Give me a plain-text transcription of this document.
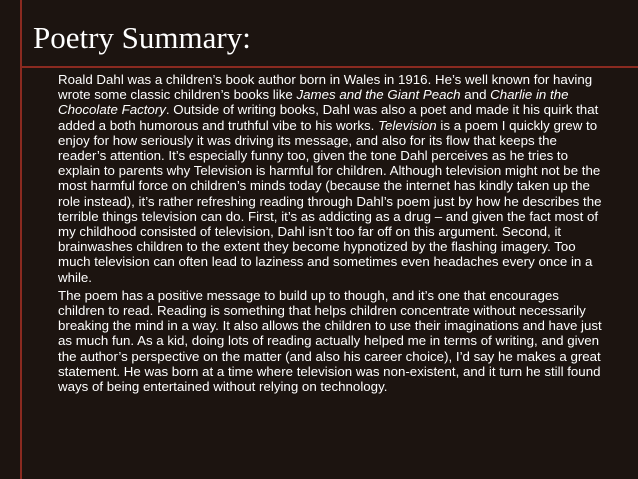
Poetry Summary:

Roald Dahl was a children’s book author born in Wales in 1916. He’s well known for having wrote some classic children’s books like James and the Giant Peach and Charlie in the Chocolate Factory. Outside of writing books, Dahl was also a poet and made it his quirk that added a both humorous and truthful vibe to his works. Television is a poem I quickly grew to enjoy for how seriously it was driving its message, and also for its flow that keeps the reader’s attention. It’s especially funny too, given the tone Dahl perceives as he tries to explain to parents why Television is harmful for children. Although television might not be the most harmful force on children’s minds today (because the internet has kindly taken up the role instead), it’s rather refreshing reading through Dahl’s poem just by how he describes the terrible things television can do. First, it’s as addicting as a drug – and given the fact most of my childhood consisted of television, Dahl isn’t too far off on this argument. Second, it brainwashes children to the extent they become hypnotized by the flashing imagery. Too much television can often lead to laziness and sometimes even headaches every once in a while.

The poem has a positive message to build up to though, and it’s one that encourages children to read. Reading is something that helps children concentrate without necessarily breaking the mind in a way. It also allows the children to use their imaginations and have just as much fun. As a kid, doing lots of reading actually helped me in terms of writing, and given the author’s perspective on the matter (and also his career choice), I’d say he makes a great statement. He was born at a time where television was non-existent, and it turn he still found ways of being entertained without relying on technology.
